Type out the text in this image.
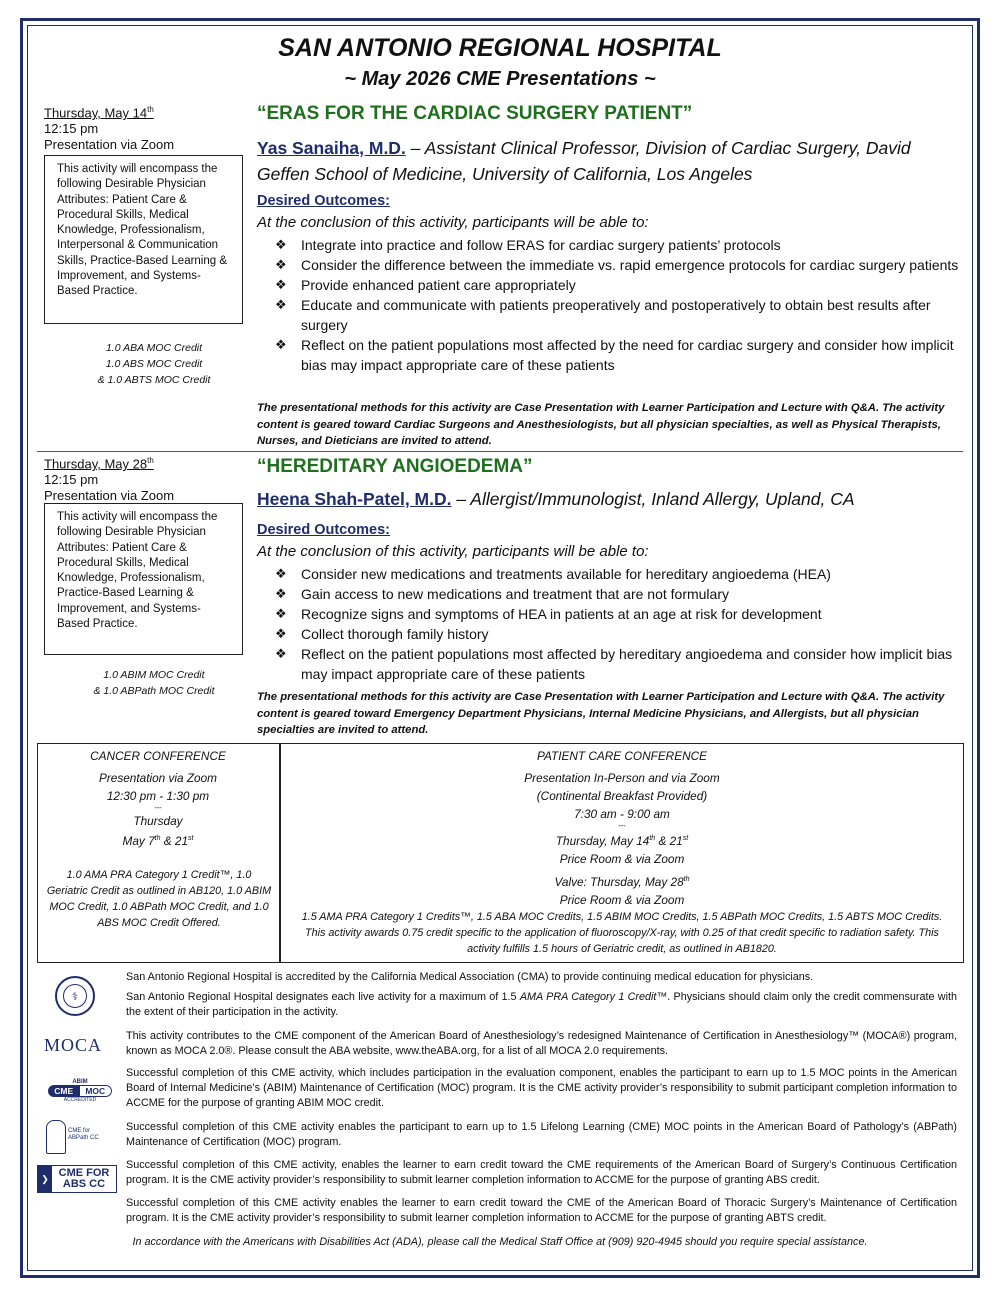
SAN ANTONIO REGIONAL HOSPITAL
~ May 2026 CME Presentations ~
Thursday, May 14th
12:15 pm
Presentation via Zoom
This activity will encompass the following Desirable Physician Attributes: Patient Care & Procedural Skills, Medical Knowledge, Professionalism, Interpersonal & Communication Skills, Practice-Based Learning & Improvement, and Systems-Based Practice.
1.0 ABA MOC Credit
1.0 ABS MOC Credit
& 1.0 ABTS MOC Credit
“ERAS FOR THE CARDIAC SURGERY PATIENT”
Yas Sanaiha, M.D. – Assistant Clinical Professor, Division of Cardiac Surgery, David Geffen School of Medicine, University of California, Los Angeles
Desired Outcomes:
At the conclusion of this activity, participants will be able to:
❖ Integrate into practice and follow ERAS for cardiac surgery patients’ protocols
❖ Consider the difference between the immediate vs. rapid emergence protocols for cardiac surgery patients
❖ Provide enhanced patient care appropriately
❖ Educate and communicate with patients preoperatively and postoperatively to obtain best results after surgery
❖ Reflect on the patient populations most affected by the need for cardiac surgery and consider how implicit bias may impact appropriate care of these patients
The presentational methods for this activity are Case Presentation with Learner Participation and Lecture with Q&A. The activity content is geared toward Cardiac Surgeons and Anesthesiologists, but all physician specialties, as well as Physical Therapists, Nurses, and Dieticians are invited to attend.
Thursday, May 28th
12:15 pm
Presentation via Zoom
This activity will encompass the following Desirable Physician Attributes: Patient Care & Procedural Skills, Medical Knowledge, Professionalism, Practice-Based Learning & Improvement, and Systems-Based Practice.
1.0 ABIM MOC Credit
& 1.0 ABPath MOC Credit
“HEREDITARY ANGIOEDEMA”
Heena Shah-Patel, M.D. – Allergist/Immunologist, Inland Allergy, Upland, CA
Desired Outcomes:
At the conclusion of this activity, participants will be able to:
❖ Consider new medications and treatments available for hereditary angioedema (HEA)
❖ Gain access to new medications and treatment that are not formulary
❖ Recognize signs and symptoms of HEA in patients at an age at risk for development
❖ Collect thorough family history
❖ Reflect on the patient populations most affected by hereditary angioedema and consider how implicit bias may impact appropriate care of these patients
The presentational methods for this activity are Case Presentation with Learner Participation and Lecture with Q&A. The activity content is geared toward Emergency Department Physicians, Internal Medicine Physicians, and Allergists, but all physician specialties are invited to attend.
CANCER CONFERENCE
Presentation via Zoom
12:30 pm - 1:30 pm
---
Thursday
May 7th & 21st
1.0 AMA PRA Category 1 Credit™, 1.0 Geriatric Credit as outlined in AB120, 1.0 ABIM MOC Credit, 1.0 ABPath MOC Credit, and 1.0 ABS MOC Credit Offered.
PATIENT CARE CONFERENCE
Presentation In-Person and via Zoom
(Continental Breakfast Provided)
7:30 am - 9:00 am
---
Thursday, May 14th & 21st
Price Room & via Zoom
Valve: Thursday, May 28th
Price Room & via Zoom
1.5 AMA PRA Category 1 Credits™, 1.5 ABA MOC Credits, 1.5 ABIM MOC Credits, 1.5 ABPath MOC Credits, 1.5 ABTS MOC Credits.
This activity awards 0.75 credit specific to the application of fluoroscopy/X-ray, with 0.25 of that credit specific to radiation safety. This activity fulfills 1.5 hours of Geriatric credit, as outlined in AB1820.
⚕
MOCA
ABIM
CME	MOC
ACCREDITED
CME for ABPath CC
❯ CME FOR
ABS CC
San Antonio Regional Hospital is accredited by the California Medical Association (CMA) to provide continuing medical education for physicians.
San Antonio Regional Hospital designates each live activity for a maximum of 1.5 AMA PRA Category 1 Credit™. Physicians should claim only the credit commensurate with the extent of their participation in the activity.
This activity contributes to the CME component of the American Board of Anesthesiology’s redesigned Maintenance of Certification in Anesthesiology™ (MOCA®) program, known as MOCA 2.0®. Please consult the ABA website, www.theABA.org, for a list of all MOCA 2.0 requirements.
Successful completion of this CME activity, which includes participation in the evaluation component, enables the participant to earn up to 1.5 MOC points in the American Board of Internal Medicine’s (ABIM) Maintenance of Certification (MOC) program. It is the CME activity provider’s responsibility to submit participant completion information to ACCME for the purpose of granting ABIM MOC credit.
Successful completion of this CME activity enables the participant to earn up to 1.5 Lifelong Learning (CME) MOC points in the American Board of Pathology’s (ABPath) Maintenance of Certification (MOC) program.
Successful completion of this CME activity, enables the learner to earn credit toward the CME requirements of the American Board of Surgery’s Continuous Certification program. It is the CME activity provider’s responsibility to submit learner completion information to ACCME for the purpose of granting ABS credit.
Successful completion of this CME activity enables the learner to earn credit toward the CME of the American Board of Thoracic Surgery’s Maintenance of Certification program. It is the CME activity provider’s responsibility to submit learner completion information to ACCME for the purpose of granting ABTS credit.
In accordance with the Americans with Disabilities Act (ADA), please call the Medical Staff Office at (909) 920-4945 should you require special assistance.
